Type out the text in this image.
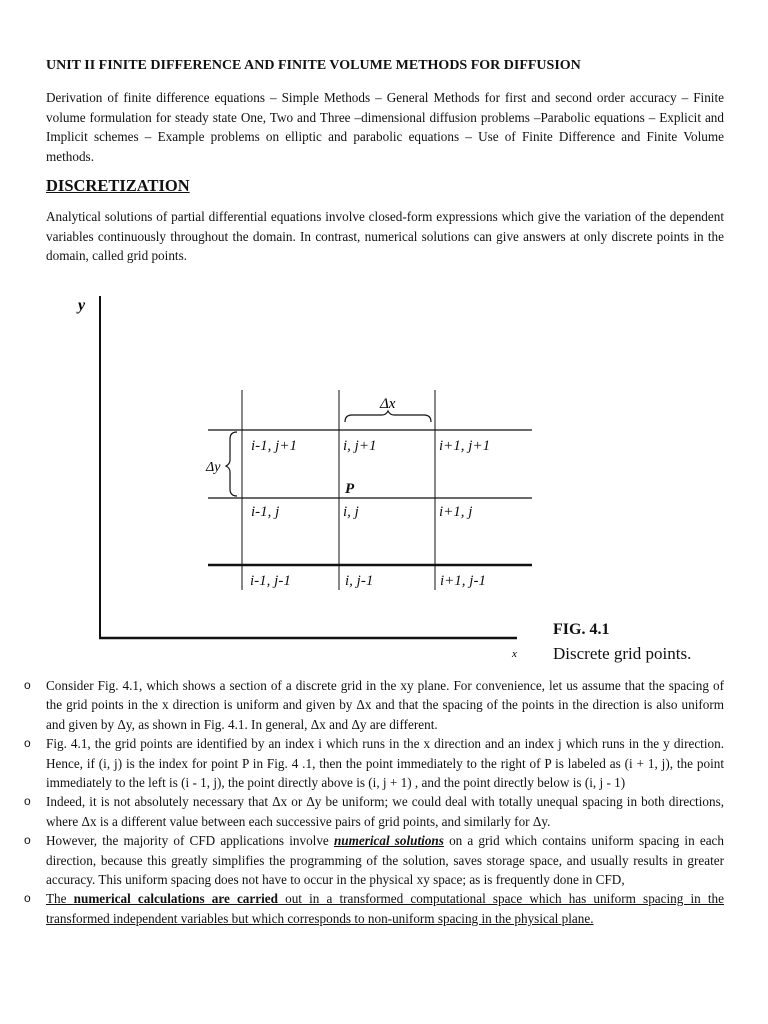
UNIT II FINITE DIFFERENCE AND FINITE VOLUME METHODS FOR DIFFUSION
Derivation of finite difference equations – Simple Methods – General Methods for first and second order accuracy – Finite volume formulation for steady state One, Two and Three –dimensional diffusion problems –Parabolic equations – Explicit and Implicit schemes – Example problems on elliptic and parabolic equations – Use of Finite Difference and Finite Volume methods.
DISCRETIZATION
Analytical solutions of partial differential equations involve closed-form expressions which give the variation of the dependent variables continuously throughout the domain. In contrast, numerical solutions can give answers at only discrete points in the domain, called grid points.
y
x
Δx
Δy
i-1, j+1	i, j+1	i+1, j+1
P
i-1, j	i, j	i+1, j
i-1, j-1	i, j-1	i+1, j-1
FIG. 4.1
Discrete grid points.
o Consider Fig. 4.1, which shows a section of a discrete grid in the xy plane. For convenience, let us assume that the spacing of the grid points in the x direction is uniform and given by Δx and that the spacing of the points in the direction is also uniform and given by Δy, as shown in Fig. 4.1. In general, Δx and Δy are different.
o Fig. 4.1, the grid points are identified by an index i which runs in the x direction and an index j which runs in the y direction. Hence, if (i, j) is the index for point P in Fig. 4 .1, then the point immediately to the right of P is labeled as (i + 1, j), the point immediately to the left is (i - 1, j), the point directly above is (i, j + 1) , and the point directly below is (i, j - 1)
o Indeed, it is not absolutely necessary that Δx or Δy be uniform; we could deal with totally unequal spacing in both directions, where Δx is a different value between each successive pairs of grid points, and similarly for Δy.
o However, the majority of CFD applications involve numerical solutions on a grid which contains uniform spacing in each direction, because this greatly simplifies the programming of the solution, saves storage space, and usually results in greater accuracy. This uniform spacing does not have to occur in the physical xy space; as is frequently done in CFD,
o The numerical calculations are carried out in a transformed computational space which has uniform spacing in the transformed independent variables but which corresponds to non-uniform spacing in the physical plane.
